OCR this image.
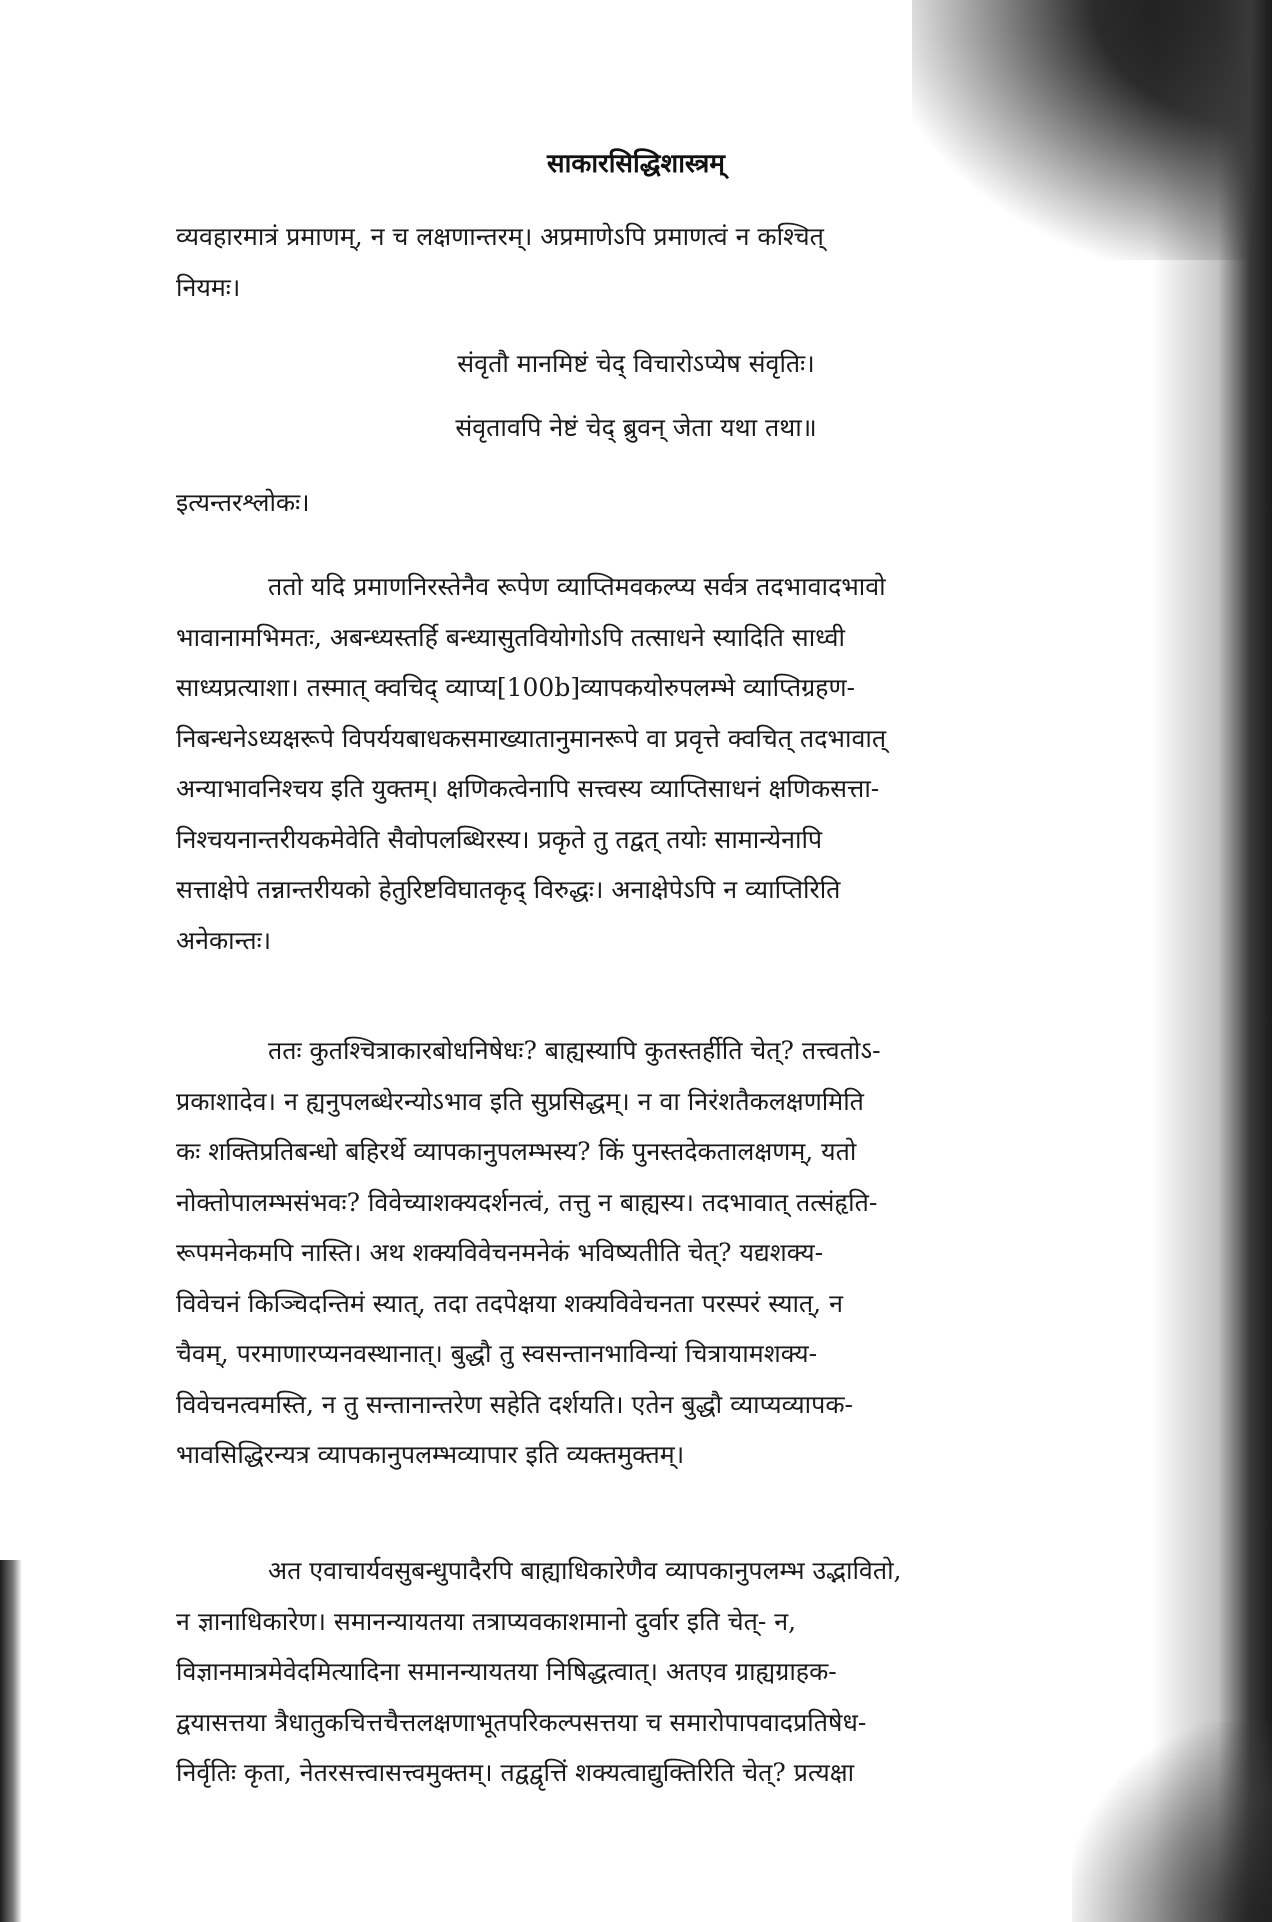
साकारसिद्धिशास्त्रम्
व्यवहारमात्रं प्रमाणम्, न च लक्षणान्तरम्। अप्रमाणेऽपि प्रमाणत्वं न कश्चित्
नियमः।
संवृतौ मानमिष्टं चेद् विचारोऽप्येष संवृतिः।
संवृतावपि नेष्टं चेद् ब्रुवन् जेता यथा तथा॥
इत्यन्तरश्लोकः।
ततो यदि प्रमाणनिरस्तेनैव रूपेण व्याप्तिमवकल्प्य सर्वत्र तदभावादभावो
भावानामभिमतः, अबन्ध्यस्तर्हि बन्ध्यासुतवियोगोऽपि तत्साधने स्यादिति साध्वी
साध्यप्रत्याशा। तस्मात् क्वचिद् व्याप्य[100b]व्यापकयोरुपलम्भे व्याप्तिग्रहण-
निबन्धनेऽध्यक्षरूपे विपर्ययबाधकसमाख्यातानुमानरूपे वा प्रवृत्ते क्वचित् तदभावात्
अन्याभावनिश्चय इति युक्तम्। क्षणिकत्वेनापि सत्त्वस्य व्याप्तिसाधनं क्षणिकसत्ता-
निश्चयनान्तरीयकमेवेति सैवोपलब्धिरस्य। प्रकृते तु तद्वत् तयोः सामान्येनापि
सत्ताक्षेपे तन्नान्तरीयको हेतुरिष्टविघातकृद् विरुद्धः। अनाक्षेपेऽपि न व्याप्तिरिति
अनेकान्तः।
ततः कुतश्चित्राकारबोधनिषेधः? बाह्यस्यापि कुतस्तर्हीति चेत्? तत्त्वतोऽ-
प्रकाशादेव। न ह्यनुपलब्धेरन्योऽभाव इति सुप्रसिद्धम्। न वा निरंशतैकलक्षणमिति
कः शक्तिप्रतिबन्धो बहिरर्थे व्यापकानुपलम्भस्य? किं पुनस्तदेकतालक्षणम्, यतो
नोक्तोपालम्भसंभवः? विवेच्याशक्यदर्शनत्वं, तत्तु न बाह्यस्य। तदभावात् तत्संहृति-
रूपमनेकमपि नास्ति। अथ शक्यविवेचनमनेकं भविष्यतीति चेत्? यद्यशक्य-
विवेचनं किञ्चिदन्तिमं स्यात्, तदा तदपेक्षया शक्यविवेचनता परस्परं स्यात्, न
चैवम्, परमाणारप्यनवस्थानात्। बुद्धौ तु स्वसन्तानभाविन्यां चित्रायामशक्य-
विवेचनत्वमस्ति, न तु सन्तानान्तरेण सहेति दर्शयति। एतेन बुद्धौ व्याप्यव्यापक-
भावसिद्धिरन्यत्र व्यापकानुपलम्भव्यापार इति व्यक्तमुक्तम्।
अत एवाचार्यवसुबन्धुपादैरपि बाह्याधिकारेणैव व्यापकानुपलम्भ उद्भावितो,
न ज्ञानाधिकारेण। समानन्यायतया तत्राप्यवकाशमानो दुर्वार इति चेत्- न,
विज्ञानमात्रमेवेदमित्यादिना समानन्यायतया निषिद्धत्वात्। अतएव ग्राह्यग्राहक-
द्वयासत्तया त्रैधातुकचित्तचैत्तलक्षणाभूतपरिकल्पसत्तया च समारोपापवादप्रतिषेध-
निर्वृतिः कृता, नेतरसत्त्वासत्त्वमुक्तम्। तद्वद्वृत्तिं शक्यत्वाद्युक्तिरिति चेत्? प्रत्यक्षा
